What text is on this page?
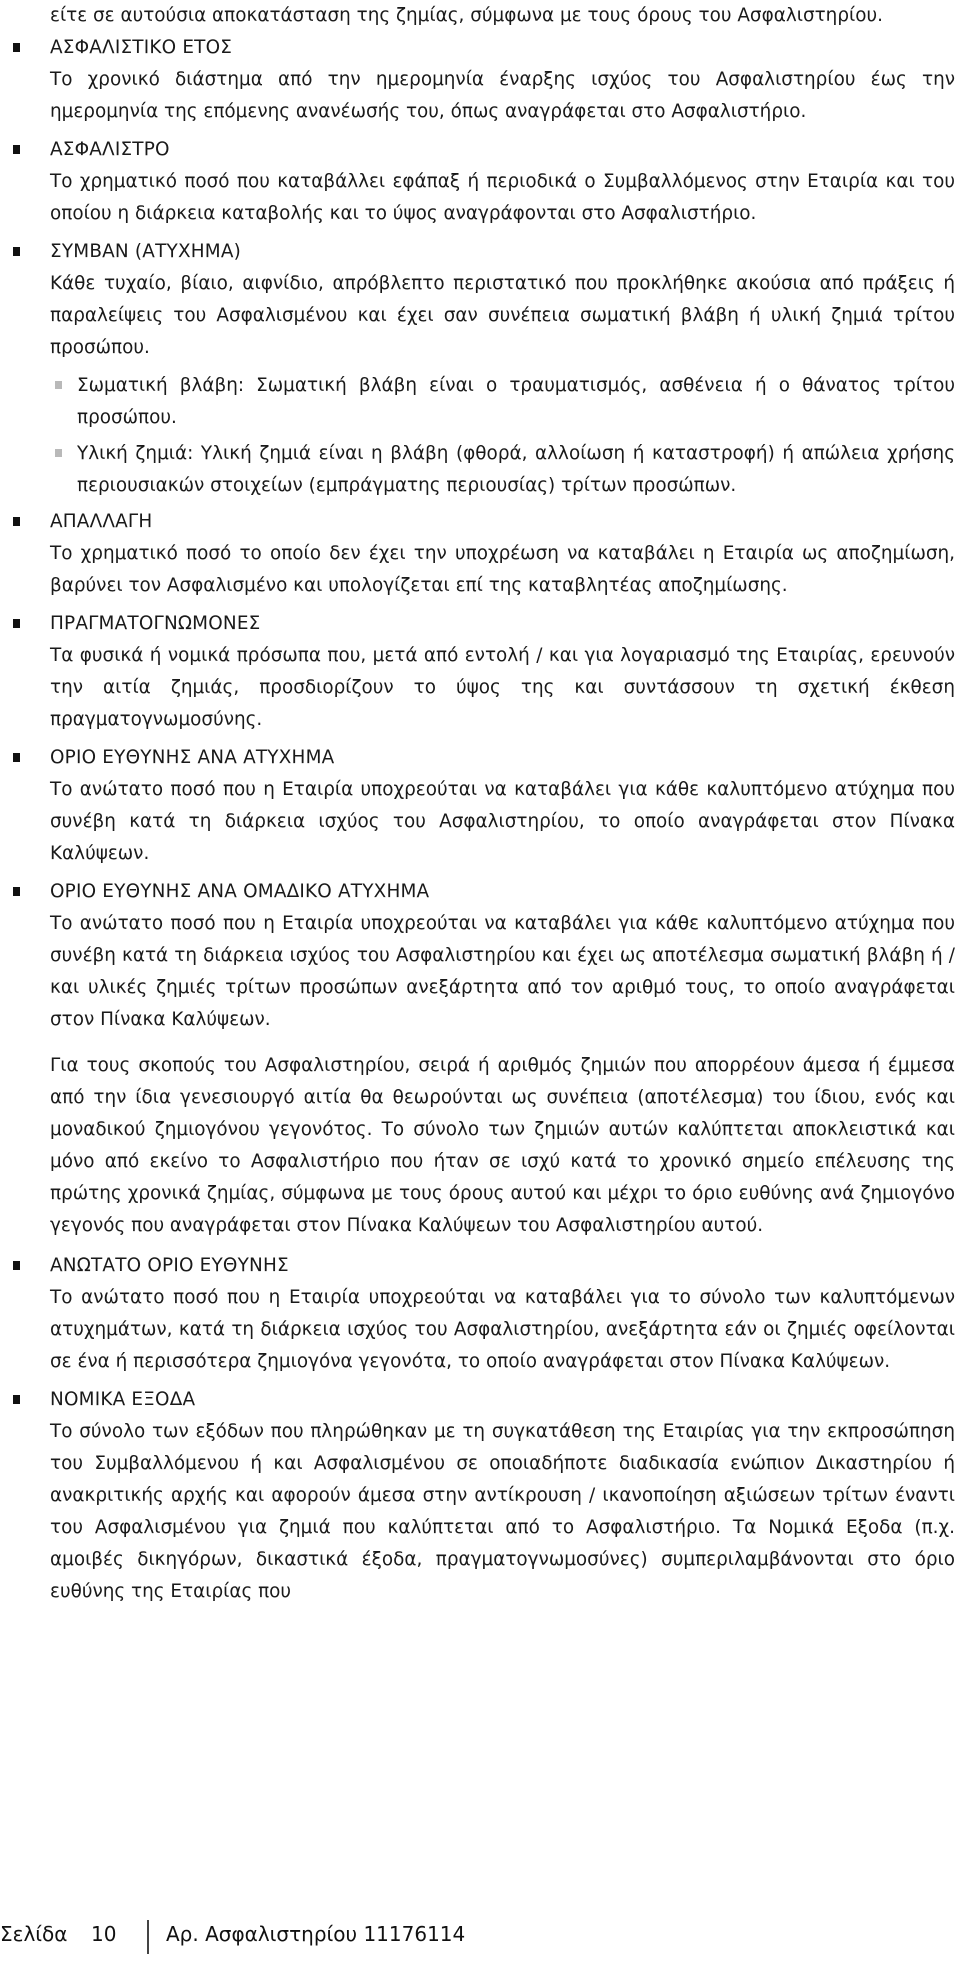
είτε σε αυτούσια αποκατάσταση της ζημίας, σύμφωνα με τους όρους του Ασφαλιστηρίου.

ΑΣΦΑΛΙΣΤΙΚΟ ΕΤΟΣ

Το χρονικό διάστημα από την ημερομηνία έναρξης ισχύος του Ασφαλιστηρίου έως την ημερομηνία της επόμενης ανανέωσής του, όπως αναγράφεται στο Ασφαλιστήριο.

ΑΣΦΑΛΙΣΤΡΟ

Το χρηματικό ποσό που καταβάλλει εφάπαξ ή περιοδικά ο Συμβαλλόμενος στην Εταιρία και του οποίου η διάρκεια καταβολής και το ύψος αναγράφονται στο Ασφαλιστήριο.

ΣΥΜΒΑΝ (ΑΤΥΧΗΜΑ)

Κάθε τυχαίο, βίαιο, αιφνίδιο, απρόβλεπτο περιστατικό που προκλήθηκε ακούσια από πράξεις ή παραλείψεις του Ασφαλισμένου και έχει σαν συνέπεια σωματική βλάβη ή υλική ζημιά τρίτου προσώπου.

Σωματική βλάβη: Σωματική βλάβη είναι ο τραυματισμός, ασθένεια ή ο θάνατος τρίτου προσώπου.
Υλική ζημιά: Υλική ζημιά είναι η βλάβη (φθορά, αλλοίωση ή καταστροφή) ή απώλεια χρήσης περιουσιακών στοιχείων (εμπράγματης περιουσίας) τρίτων προσώπων.

ΑΠΑΛΛΑΓΗ

Το χρηματικό ποσό το οποίο δεν έχει την υποχρέωση να καταβάλει η Εταιρία ως αποζημίωση, βαρύνει τον Ασφαλισμένο και υπολογίζεται επί της καταβλητέας αποζημίωσης.

ΠΡΑΓΜΑΤΟΓΝΩΜΟΝΕΣ

Τα φυσικά ή νομικά πρόσωπα που, μετά από εντολή / και για λογαριασμό της Εταιρίας, ερευνούν την αιτία ζημιάς, προσδιορίζουν το ύψος της και συντάσσουν τη σχετική έκθεση πραγματογνωμοσύνης.

ΟΡΙΟ ΕΥΘΥΝΗΣ ΑΝΑ ΑΤΥΧΗΜΑ

Το ανώτατο ποσό που η Εταιρία υποχρεούται να καταβάλει για κάθε καλυπτόμενο ατύχημα που συνέβη κατά τη διάρκεια ισχύος του Ασφαλιστηρίου, το οποίο αναγράφεται στον Πίνακα Καλύψεων.

ΟΡΙΟ ΕΥΘΥΝΗΣ ΑΝΑ ΟΜΑΔΙΚΟ ΑΤΥΧΗΜΑ

Το ανώτατο ποσό που η Εταιρία υποχρεούται να καταβάλει για κάθε καλυπτόμενο ατύχημα που συνέβη κατά τη διάρκεια ισχύος του Ασφαλιστηρίου και έχει ως αποτέλεσμα σωματική βλάβη ή / και υλικές ζημιές τρίτων προσώπων ανεξάρτητα από τον αριθμό τους, το οποίο αναγράφεται στον Πίνακα Καλύψεων.

Για τους σκοπούς του Ασφαλιστηρίου, σειρά ή αριθμός ζημιών που απορρέουν άμεσα ή έμμεσα από την ίδια γενεσιουργό αιτία θα θεωρούνται ως συνέπεια (αποτέλεσμα) του ίδιου, ενός και μοναδικού ζημιογόνου γεγονότος. Το σύνολο των ζημιών αυτών καλύπτεται αποκλειστικά και μόνο από εκείνο το Ασφαλιστήριο που ήταν σε ισχύ κατά το χρονικό σημείο επέλευσης της πρώτης χρονικά ζημίας, σύμφωνα με τους όρους αυτού και μέχρι το όριο ευθύνης ανά ζημιογόνο γεγονός που αναγράφεται στον Πίνακα Καλύψεων του Ασφαλιστηρίου αυτού.

ΑΝΩΤΑΤΟ ΟΡΙΟ ΕΥΘΥΝΗΣ

Το ανώτατο ποσό που η Εταιρία υποχρεούται να καταβάλει για το σύνολο των καλυπτόμενων ατυχημάτων, κατά τη διάρκεια ισχύος του Ασφαλιστηρίου, ανεξάρτητα εάν οι ζημιές οφείλονται σε ένα ή περισσότερα ζημιογόνα γεγονότα, το οποίο αναγράφεται στον Πίνακα Καλύψεων.

ΝΟΜΙΚΑ ΕΞΟΔΑ

Το σύνολο των εξόδων που πληρώθηκαν με τη συγκατάθεση της Εταιρίας για την εκπροσώπηση του Συμβαλλόμενου ή και Ασφαλισμένου σε οποιαδήποτε διαδικασία ενώπιον Δικαστηρίου ή ανακριτικής αρχής και αφορούν άμεσα στην αντίκρουση / ικανοποίηση αξιώσεων τρίτων έναντι του Ασφαλισμένου για ζημιά που καλύπτεται από το Ασφαλιστήριο. Τα Νομικά Εξοδα (π.χ. αμοιβές δικηγόρων, δικαστικά έξοδα, πραγματογνωμοσύνες) συμπεριλαμβάνονται στο όριο ευθύνης της Εταιρίας που

Σελίδα 10 Αρ. Ασφαλιστηρίου 11176114
